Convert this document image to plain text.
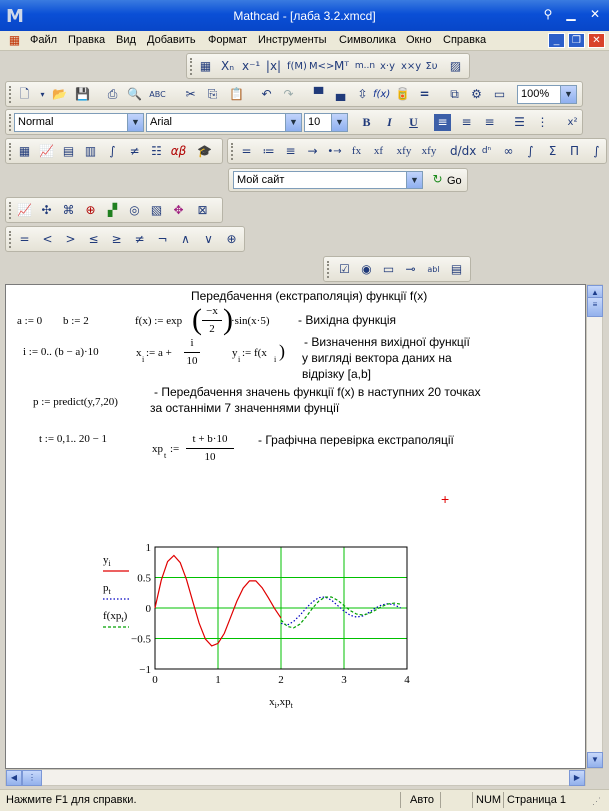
M	Mathcad - [лаба 3.2.xmcd]	⚲	▁ ✕
▦ Файл Правка Вид Добавить Формат Инструменты Символика Окно Справка	_	❐	✕
▦ Xₙ x⁻¹ |x| f(M) M<> Mᵀ m..n x·y x×y Συ ▨
🗋	▾ 📂 💾	⎙ 🔍 ABC ✂	⎘ 📋 ↶ ↷	▀	▄	⇳ f(x) 🥫 =	⧉	⚙ ▭	100%	▼
Normal	▼ Arial	▼ 10	▼	B	I	U	≡ ≡ ≡ ☰ ⋮	x²
▦ 📈 ▤ ▥	∫	≠ ☷ αβ 🎓 = ≔ ≡ → •→ fx	xf	xfy xfy	d/dx dⁿ	∞	∫	Σ	Π	∫
Мой сайт	▼ ↻ Go
📈 ✣ ⌘ ⊕	▞	◎ ▧ ✥ ⊠
= < > ≤ ≥ ≠ ¬	∧	∨	⊕
☑ ◉ ▭ ⊸	abl ▤
Передбачення (екстраполяція) функції f(x)
a := 0 b := 2	f(x) := exp ( −x
2 )
·sin(x·5) - Вихідна функція
i := 0.. (b − a)·10	x
i
:= a +
i
10
y
i
:= f(x
i ) - Визначення вихідної функції
у вигляді вектора даних на
відрізку [a,b]
p := predict(y,7,20)
- Передбачення значень функції f(x) в наступних 20 точках
за останніми 7 значеннями фунції
t := 0,1.. 20 − 1
xp
t
:=
t + b·10
10
- Графічна перевірка екстраполяції
+
0	1	2	3	4
1
0.5
0
−0.5
−1
$y_i$
$p_t$
$f(xp_t)$
$x_i,xp_t$
▲
≡
▼
◀	⋮	▶
Нажмите F1 для справки.	Авто	NUM Страница 1	⋰
